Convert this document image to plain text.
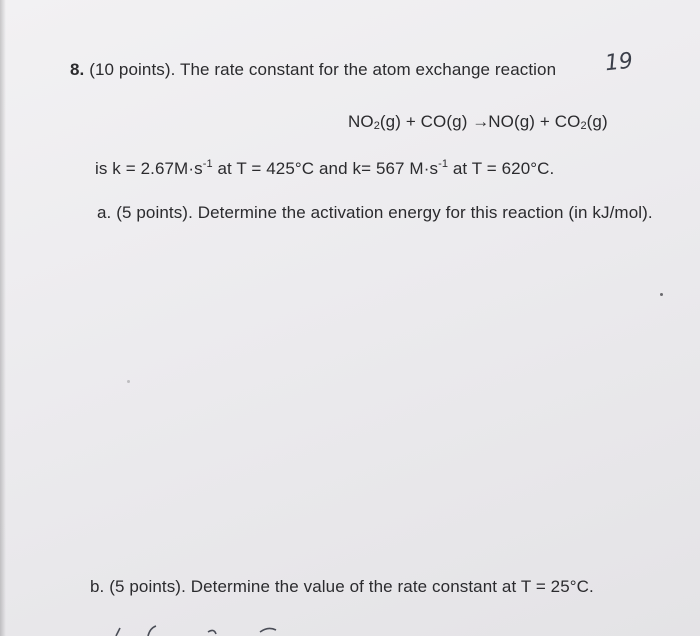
8. (10 points). The rate constant for the atom exchange reaction 19
NO2(g) + CO(g) →NO(g) + CO2(g)
is $k = 2.67M\cdot s^{-1}$ at T = 425°C and k= 567 $M\cdot s^{-1}$ at T = 620°C.
a. (5 points). Determine the activation energy for this reaction (in kJ/mol).
b. (5 points). Determine the value of the rate constant at T = 25°C.
